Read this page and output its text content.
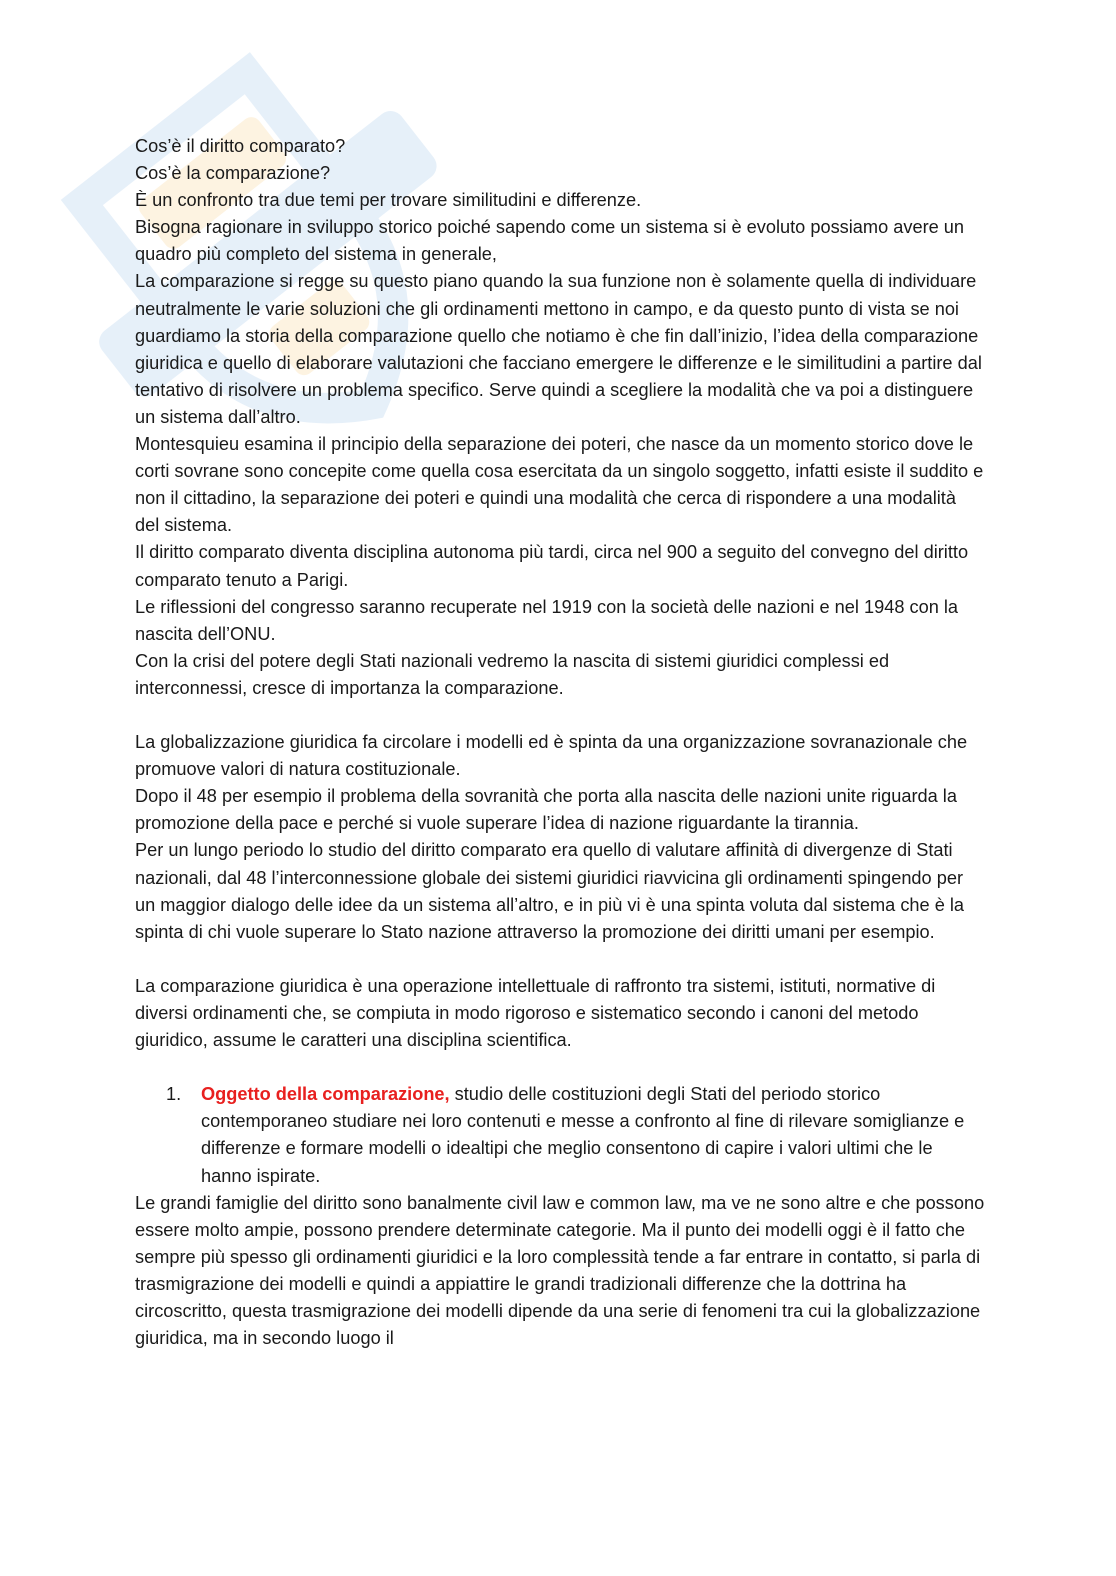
Cos’è il diritto comparato?

Cos’è la comparazione?

È un confronto tra due temi per trovare similitudini e differenze.

Bisogna ragionare in sviluppo storico poiché sapendo come un sistema si è evoluto possiamo avere un quadro più completo del sistema in generale,

La comparazione si regge su questo piano quando la sua funzione non è solamente quella di individuare neutralmente le varie soluzioni che gli ordinamenti mettono in campo, e da questo punto di vista se noi guardiamo la storia della comparazione quello che notiamo è che fin dall’inizio, l’idea della comparazione giuridica e quello di elaborare valutazioni che facciano emergere le differenze e le similitudini a partire dal tentativo di risolvere un problema specifico. Serve quindi a scegliere la modalità che va poi a distinguere un sistema dall’altro.

Montesquieu esamina il principio della separazione dei poteri, che nasce da un momento storico dove le corti sovrane sono concepite come quella cosa esercitata da un singolo soggetto, infatti esiste il suddito e non il cittadino, la separazione dei poteri e quindi una modalità che cerca di rispondere a una modalità del sistema.

Il diritto comparato diventa disciplina autonoma più tardi, circa nel 900 a seguito del convegno del diritto comparato tenuto a Parigi.

Le riflessioni del congresso saranno recuperate nel 1919 con la società delle nazioni e nel 1948 con la nascita dell’ONU.

Con la crisi del potere degli Stati nazionali vedremo la nascita di sistemi giuridici complessi ed interconnessi, cresce di importanza la comparazione.

La globalizzazione giuridica fa circolare i modelli ed è spinta da una organizzazione sovranazionale che promuove valori di natura costituzionale.

Dopo il 48 per esempio il problema della sovranità che porta alla nascita delle nazioni unite riguarda la promozione della pace e perché si vuole superare l’idea di nazione riguardante la tirannia.

Per un lungo periodo lo studio del diritto comparato era quello di valutare affinità di divergenze di Stati nazionali, dal 48 l’interconnessione globale dei sistemi giuridici riavvicina gli ordinamenti spingendo per un maggior dialogo delle idee da un sistema all’altro, e in più vi è una spinta voluta dal sistema che è la spinta di chi vuole superare lo Stato nazione attraverso la promozione dei diritti umani per esempio.

La comparazione giuridica è una operazione intellettuale di raffronto tra sistemi, istituti, normative di diversi ordinamenti che, se compiuta in modo rigoroso e sistematico secondo i canoni del metodo giuridico, assume le caratteri una disciplina scientifica.

1. Oggetto della comparazione, studio delle costituzioni degli Stati del periodo storico contemporaneo studiare nei loro contenuti e messe a confronto al fine di rilevare somiglianze e differenze e formare modelli o idealtipi che meglio consentono di capire i valori ultimi che le hanno ispirate.

Le grandi famiglie del diritto sono banalmente civil law e common law, ma ve ne sono altre e che possono essere molto ampie, possono prendere determinate categorie. Ma il punto dei modelli oggi è il fatto che sempre più spesso gli ordinamenti giuridici e la loro complessità tende a far entrare in contatto, si parla di trasmigrazione dei modelli e quindi a appiattire le grandi tradizionali differenze che la dottrina ha circoscritto, questa trasmigrazione dei modelli dipende da una serie di fenomeni tra cui la globalizzazione giuridica, ma in secondo luogo il
